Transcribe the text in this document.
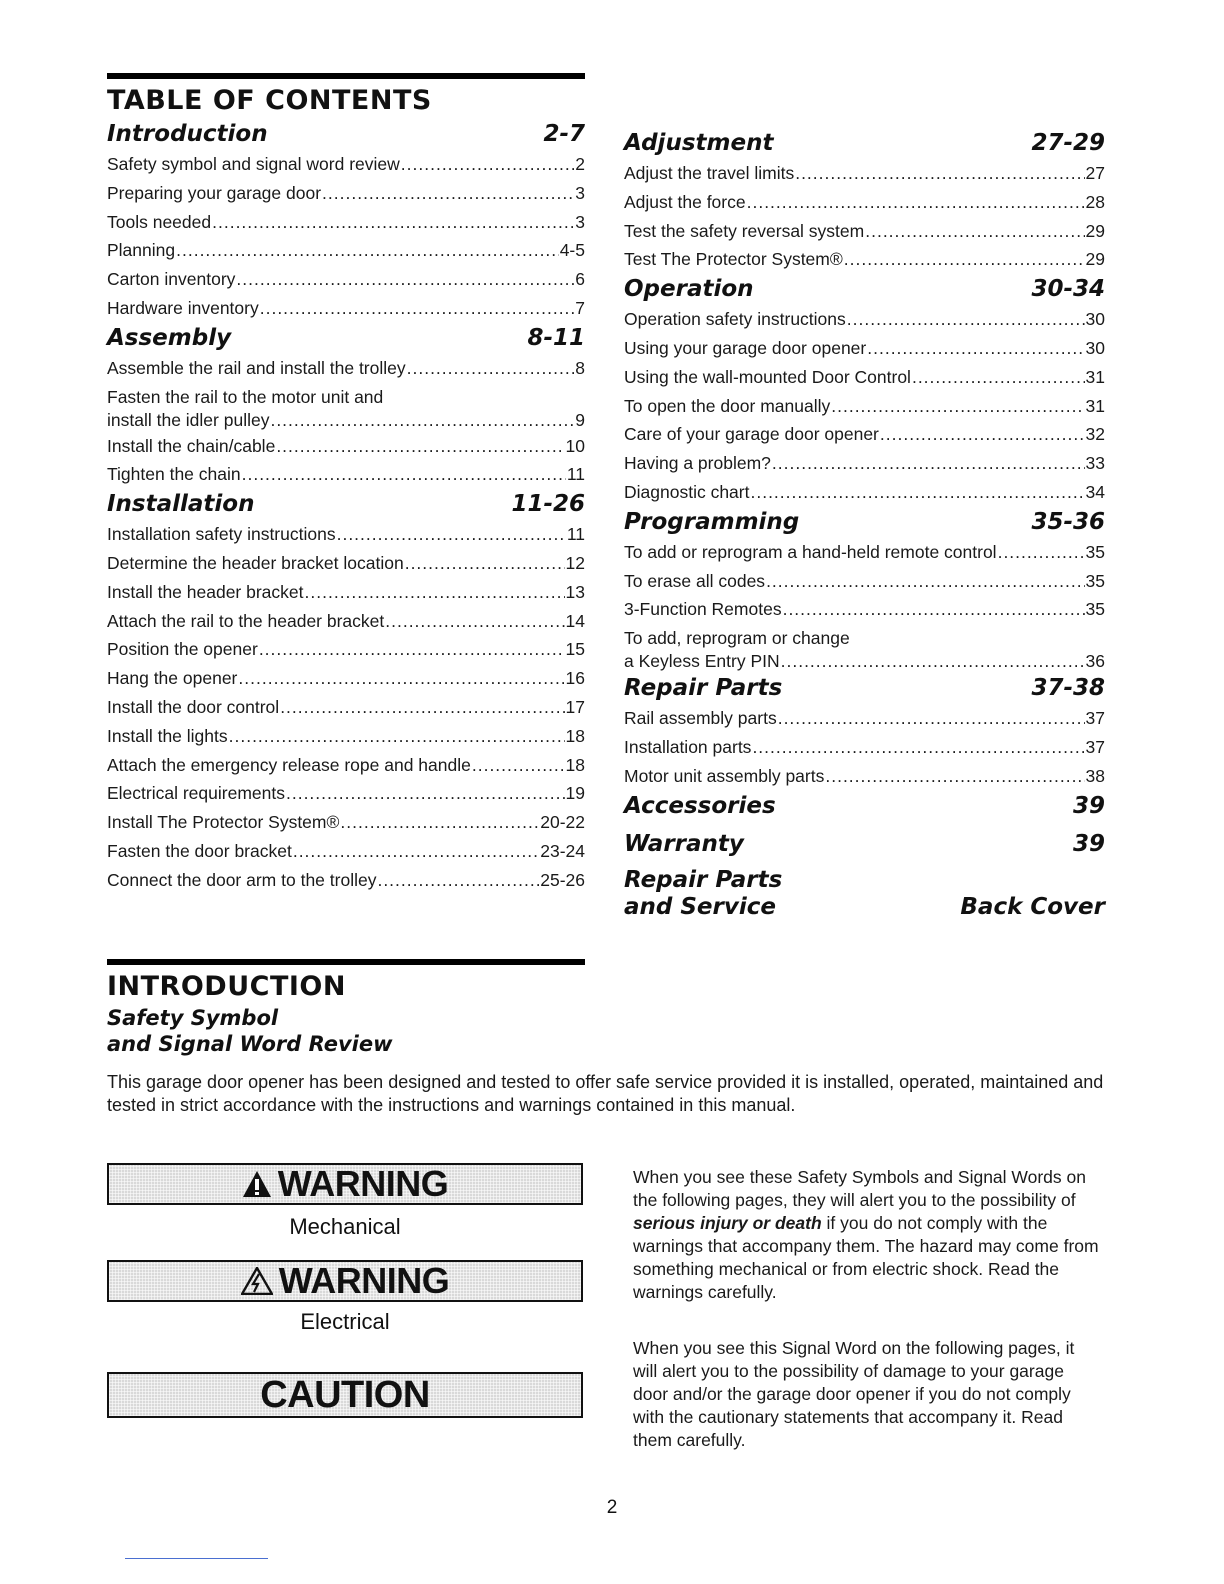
TABLE OF CONTENTS
Introduction	2-7
Safety symbol and signal word review .....	2
Preparing your garage door .....	3
Tools needed .....	3
Planning .....	4-5
Carton inventory .....	6
Hardware inventory .....	7
Assembly	8-11
Assemble the rail and install the trolley .....	8
Fasten the rail to the motor unit and
install the idler pulley .....	9
Install the chain/cable .....	10
Tighten the chain .....	11
Installation	11-26
Installation safety instructions .....	11
Determine the header bracket location .....	12
Install the header bracket .....	13
Attach the rail to the header bracket .....	14
Position the opener .....	15
Hang the opener .....	16
Install the door control .....	17
Install the lights .....	18
Attach the emergency release rope and handle .....	18
Electrical requirements .....	19
Install The Protector System® .....	20-22
Fasten the door bracket .....	23-24
Connect the door arm to the trolley .....	25-26
Adjustment	27-29
Adjust the travel limits .....	27
Adjust the force .....	28
Test the safety reversal system .....	29
Test The Protector System® .....	29
Operation	30-34
Operation safety instructions .....	30
Using your garage door opener .....	30
Using the wall-mounted Door Control .....	31
To open the door manually .....	31
Care of your garage door opener .....	32
Having a problem? .....	33
Diagnostic chart .....	34
Programming	35-36
To add or reprogram a hand-held remote control .....	35
To erase all codes .....	35
3-Function Remotes .....	35
To add, reprogram or change
a Keyless Entry PIN .....	36
Repair Parts	37-38
Rail assembly parts .....	37
Installation parts .....	37
Motor unit assembly parts .....	38
Accessories	39
Warranty	39
Repair Parts
and Service	Back Cover
INTRODUCTION
Safety Symbol
and Signal Word Review
This garage door opener has been designed and tested to offer safe service provided it is installed, operated, maintained and tested in strict accordance with the instructions and warnings contained in this manual.
WARNING
Mechanical
WARNING
Electrical
CAUTION
When you see these Safety Symbols and Signal Words on the following pages, they will alert you to the possibility of serious injury or death if you do not comply with the warnings that accompany them. The hazard may come from something mechanical or from electric shock. Read the warnings carefully.
When you see this Signal Word on the following pages, it will alert you to the possibility of damage to your garage door and/or the garage door opener if you do not comply with the cautionary statements that accompany it. Read them carefully.
2
